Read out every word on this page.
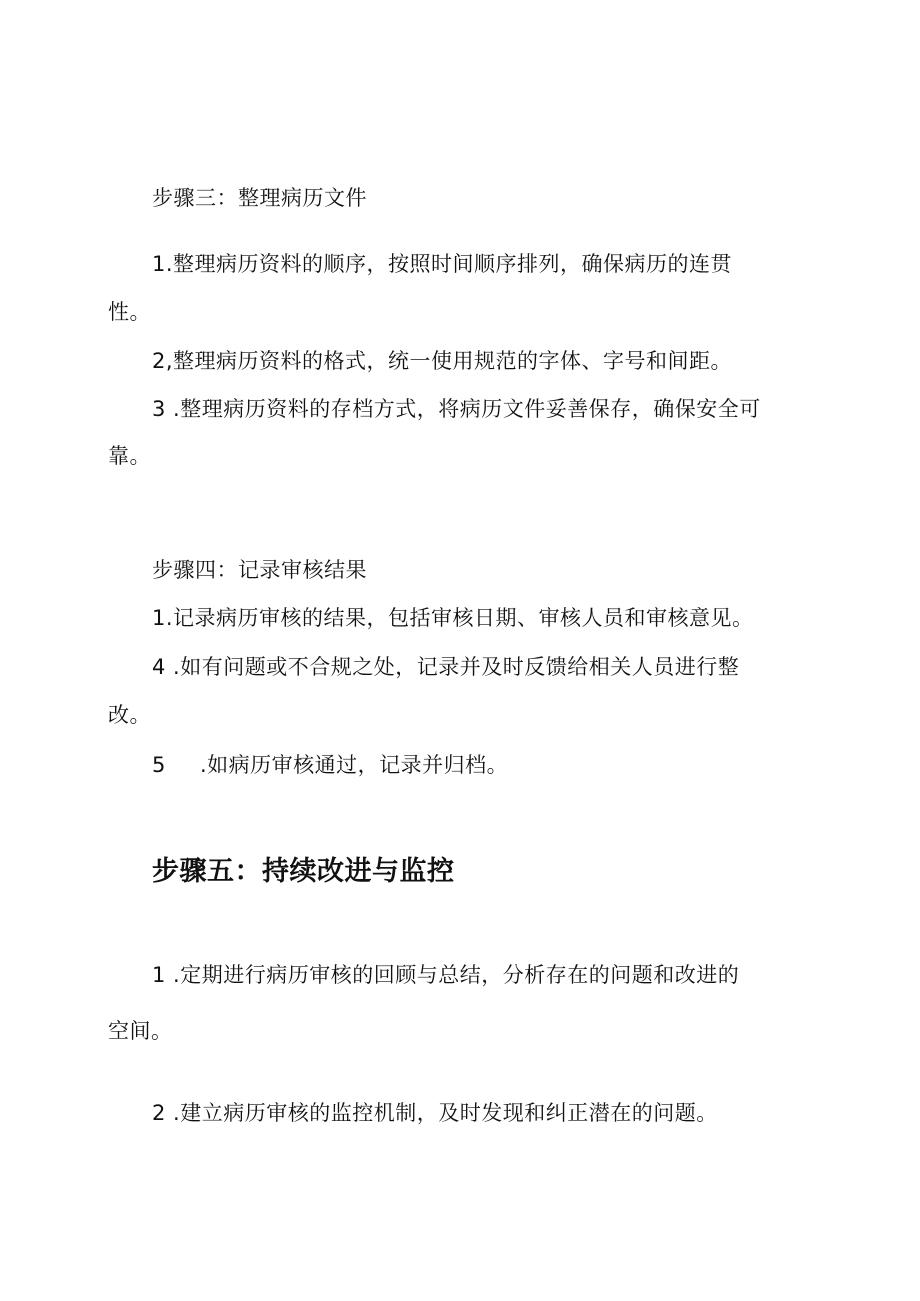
步骤三：整理病历文件
1.整理病历资料的顺序，按照时间顺序排列，确保病历的连贯
性。
2,整理病历资料的格式，统一使用规范的字体、字号和间距。
3 .整理病历资料的存档方式，将病历文件妥善保存，确保安全可
靠。
步骤四：记录审核结果
1.记录病历审核的结果，包括审核日期、审核人员和审核意见。
4 .如有问题或不合规之处，记录并及时反馈给相关人员进行整
改。
5 .如病历审核通过，记录并归档。
步骤五：持续改进与监控
1 .定期进行病历审核的回顾与总结，分析存在的问题和改进的
空间。
2 .建立病历审核的监控机制，及时发现和纠正潜在的问题。
